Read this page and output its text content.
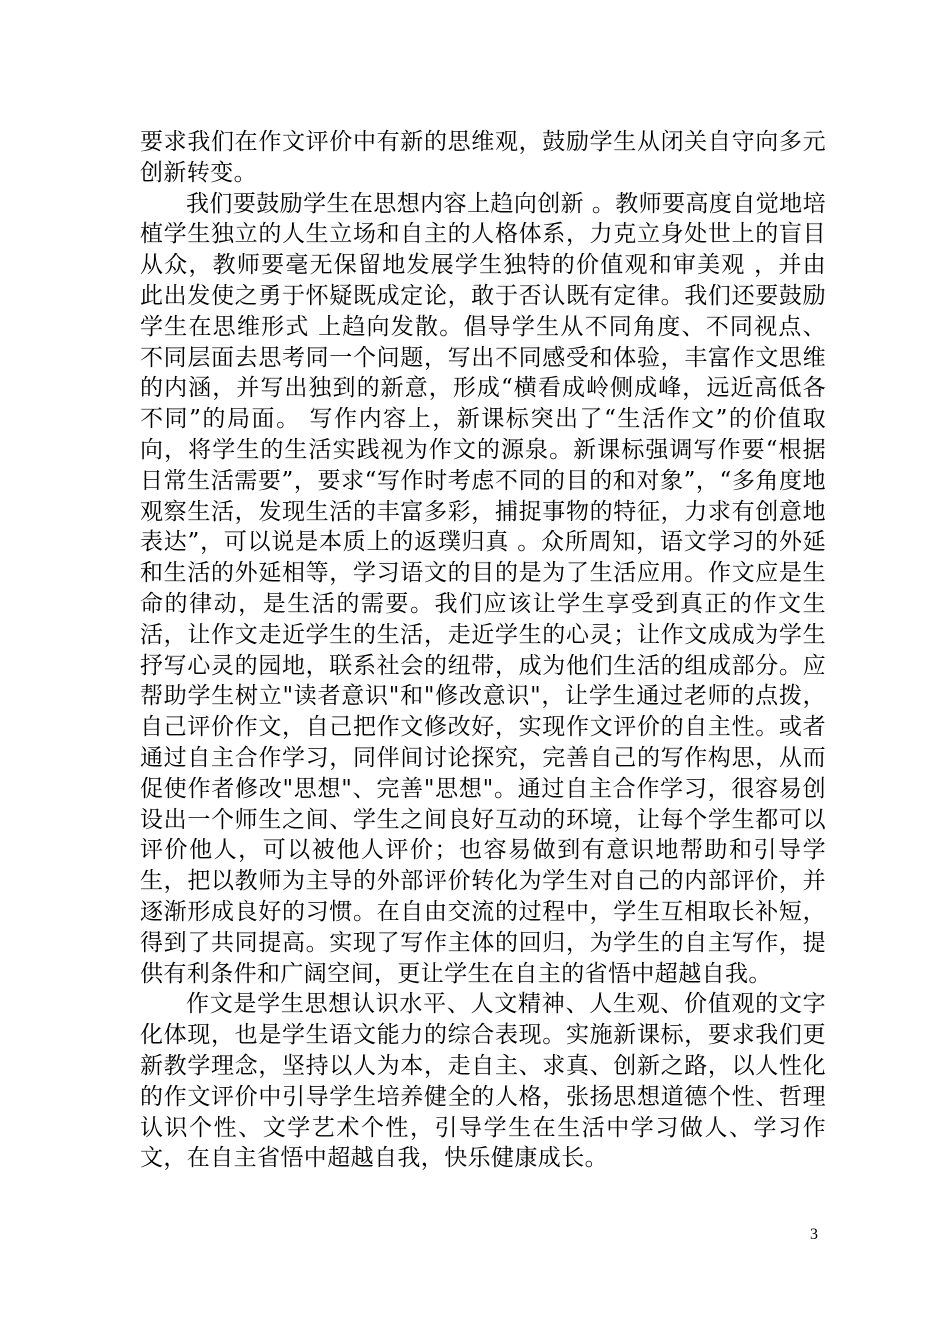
要求我们在作文评价中有新的思维观，鼓励学生从闭关自守向多元创新转变。

我们要鼓励学生在思想内容上趋向创新 。教师要高度自觉地培植学生独立的人生立场和自主的人格体系，力克立身处世上的盲目从众，教师要毫无保留地发展学生独特的价值观和审美观 ，并由此出发使之勇于怀疑既成定论，敢于否认既有定律。我们还要鼓励学生在思维形式 上趋向发散。倡导学生从不同角度、不同视点、不同层面去思考同一个问题，写出不同感受和体验，丰富作文思维的内涵，并写出独到的新意，形成“横看成岭侧成峰，远近高低各不同”的局面。 写作内容上，新课标突出了“生活作文”的价值取向，将学生的生活实践视为作文的源泉。新课标强调写作要“根据日常生活需要”，要求“写作时考虑不同的目的和对象”，“多角度地观察生活，发现生活的丰富多彩，捕捉事物的特征，力求有创意地表达”，可以说是本质上的返璞归真 。众所周知，语文学习的外延和生活的外延相等，学习语文的目的是为了生活应用。作文应是生命的律动，是生活的需要。我们应该让学生享受到真正的作文生活，让作文走近学生的生活，走近学生的心灵；让作文成成为学生抒写心灵的园地，联系社会的纽带，成为他们生活的组成部分。应帮助学生树立"读者意识"和"修改意识"，让学生通过老师的点拨，自己评价作文，自己把作文修改好，实现作文评价的自主性。或者通过自主合作学习，同伴间讨论探究，完善自己的写作构思，从而促使作者修改"思想"、完善"思想"。通过自主合作学习，很容易创设出一个师生之间、学生之间良好互动的环境，让每个学生都可以评价他人，可以被他人评价；也容易做到有意识地帮助和引导学生，把以教师为主导的外部评价转化为学生对自己的内部评价，并逐渐形成良好的习惯。在自由交流的过程中，学生互相取长补短，得到了共同提高。实现了写作主体的回归，为学生的自主写作，提供有利条件和广阔空间，更让学生在自主的省悟中超越自我。

作文是学生思想认识水平、人文精神、人生观、价值观的文字化体现，也是学生语文能力的综合表现。实施新课标，要求我们更新教学理念，坚持以人为本，走自主、求真、创新之路，以人性化的作文评价中引导学生培养健全的人格，张扬思想道德个性、哲理认识个性、文学艺术个性，引导学生在生活中学习做人、学习作文，在自主省悟中超越自我，快乐健康成长。

3
